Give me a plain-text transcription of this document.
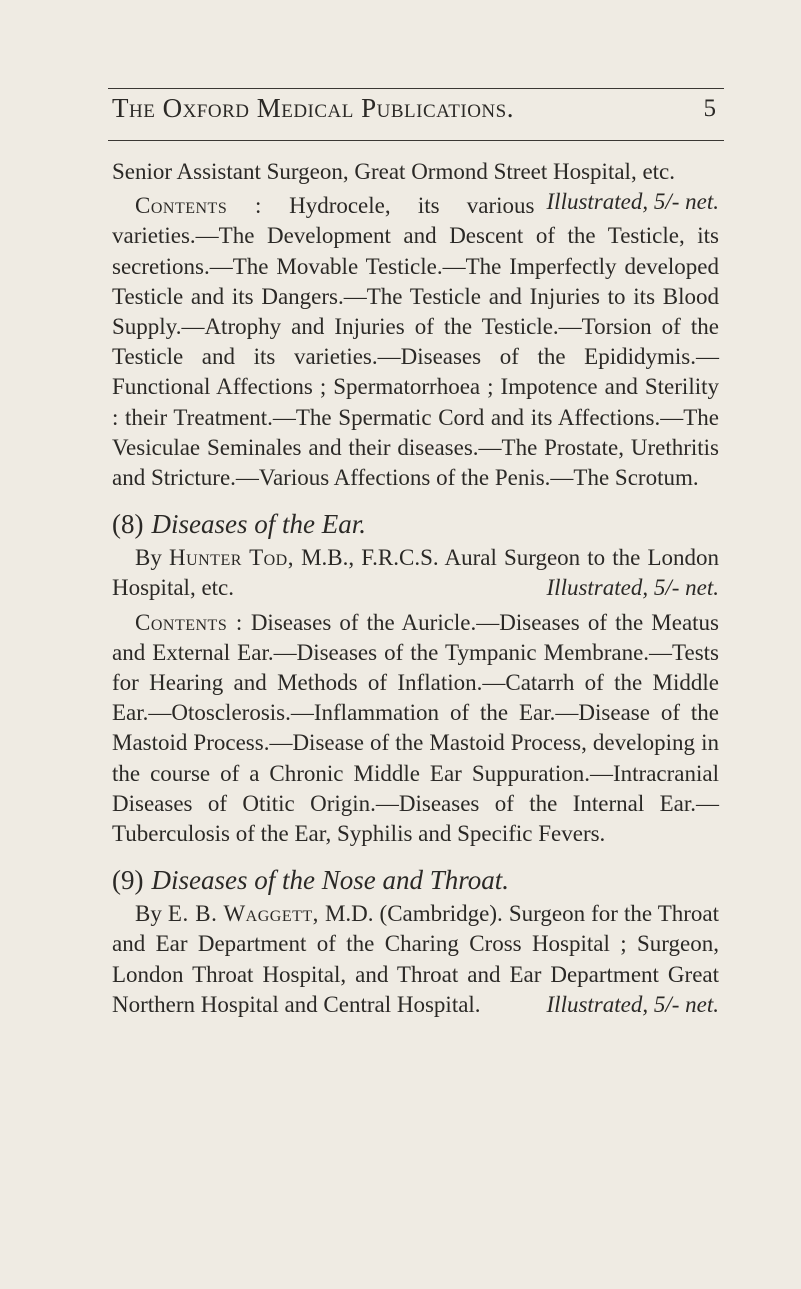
The Oxford Medical Publications.	5

Senior Assistant Surgeon, Great Ormond Street Hospital, etc.
Illustrated, 5/- net.

Contents : Hydrocele, its various varieties.—The Development and Descent of the Testicle, its secretions.—The Movable Testicle.—The Imperfectly developed Testicle and its Dangers.—The Testicle and Injuries to its Blood Supply.—Atrophy and Injuries of the Testicle.—Torsion of the Testicle and its varieties.—Diseases of the Epididymis.—Functional Affections ; Spermatorrhoea ; Impotence and Sterility : their Treatment.—The Spermatic Cord and its Affections.—The Vesiculae Seminales and their diseases.—The Prostate, Urethritis and Stricture.—Various Affections of the Penis.—The Scrotum.

(8) Diseases of the Ear.

By Hunter Tod, M.B., F.R.C.S. Aural Surgeon to the London Hospital, etc.	Illustrated, 5/- net.

Contents : Diseases of the Auricle.—Diseases of the Meatus and External Ear.—Diseases of the Tympanic Membrane.—Tests for Hearing and Methods of Inflation.—Catarrh of the Middle Ear.—Otosclerosis.—Inflammation of the Ear.—Disease of the Mastoid Process.—Disease of the Mastoid Process, developing in the course of a Chronic Middle Ear Suppuration.—Intracranial Diseases of Otitic Origin.—Diseases of the Internal Ear.—Tuberculosis of the Ear, Syphilis and Specific Fevers.

(9) Diseases of the Nose and Throat.

By E. B. Waggett, M.D. (Cambridge). Surgeon for the Throat and Ear Department of the Charing Cross Hospital ; Surgeon, London Throat Hospital, and Throat and Ear Department Great Northern Hospital and Central Hospital.	Illustrated, 5/- net.
